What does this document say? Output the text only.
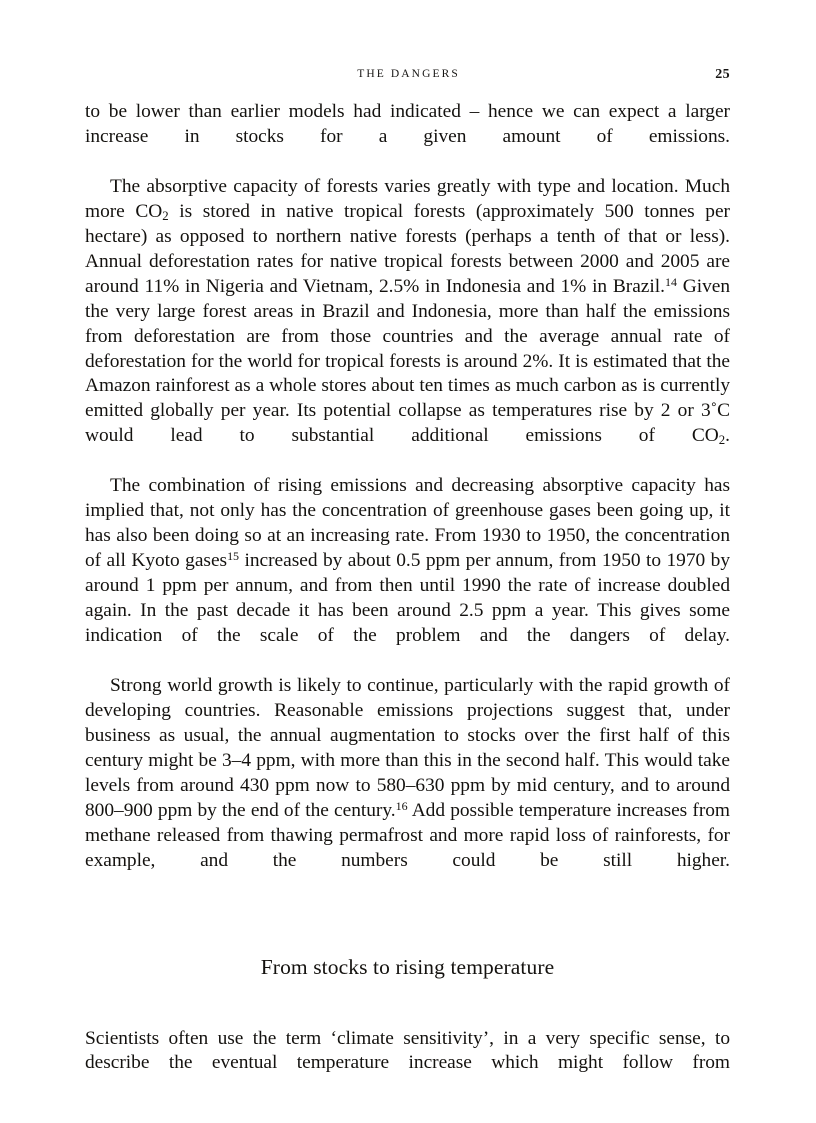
THE DANGERS	25

to be lower than earlier models had indicated – hence we can expect a larger increase in stocks for a given amount of emissions.

The absorptive capacity of forests varies greatly with type and location. Much more $CO_2$ is stored in native tropical forests (approximately 500 tonnes per hectare) as opposed to northern native forests (perhaps a tenth of that or less). Annual deforestation rates for native tropical forests between 2000 and 2005 are around 11% in Nigeria and Vietnam, 2.5% in Indonesia and 1% in Brazil.$^{14}$ Given the very large forest areas in Brazil and Indonesia, more than half the emissions from deforestation are from those countries and the average annual rate of deforestation for the world for tropical forests is around 2%. It is estimated that the Amazon rainforest as a whole stores about ten times as much carbon as is currently emitted globally per year. Its potential collapse as temperatures rise by 2 or 3˚C would lead to substantial additional emissions of $CO_2$.

The combination of rising emissions and decreasing absorptive capacity has implied that, not only has the concentration of greenhouse gases been going up, it has also been doing so at an increasing rate. From 1930 to 1950, the concentration of all Kyoto gases$^{15}$ increased by about 0.5 ppm per annum, from 1950 to 1970 by around 1 ppm per annum, and from then until 1990 the rate of increase doubled again. In the past decade it has been around 2.5 ppm a year. This gives some indication of the scale of the problem and the dangers of delay.

Strong world growth is likely to continue, particularly with the rapid growth of developing countries. Reasonable emissions projections suggest that, under business as usual, the annual augmentation to stocks over the first half of this century might be 3–4 ppm, with more than this in the second half. This would take levels from around 430 ppm now to 580–630 ppm by mid century, and to around 800–900 ppm by the end of the century.$^{16}$ Add possible temperature increases from methane released from thawing permafrost and more rapid loss of rainforests, for example, and the numbers could be still higher.

From stocks to rising temperature

Scientists often use the term ‘climate sensitivity’, in a very specific sense, to describe the eventual temperature increase which might follow from
